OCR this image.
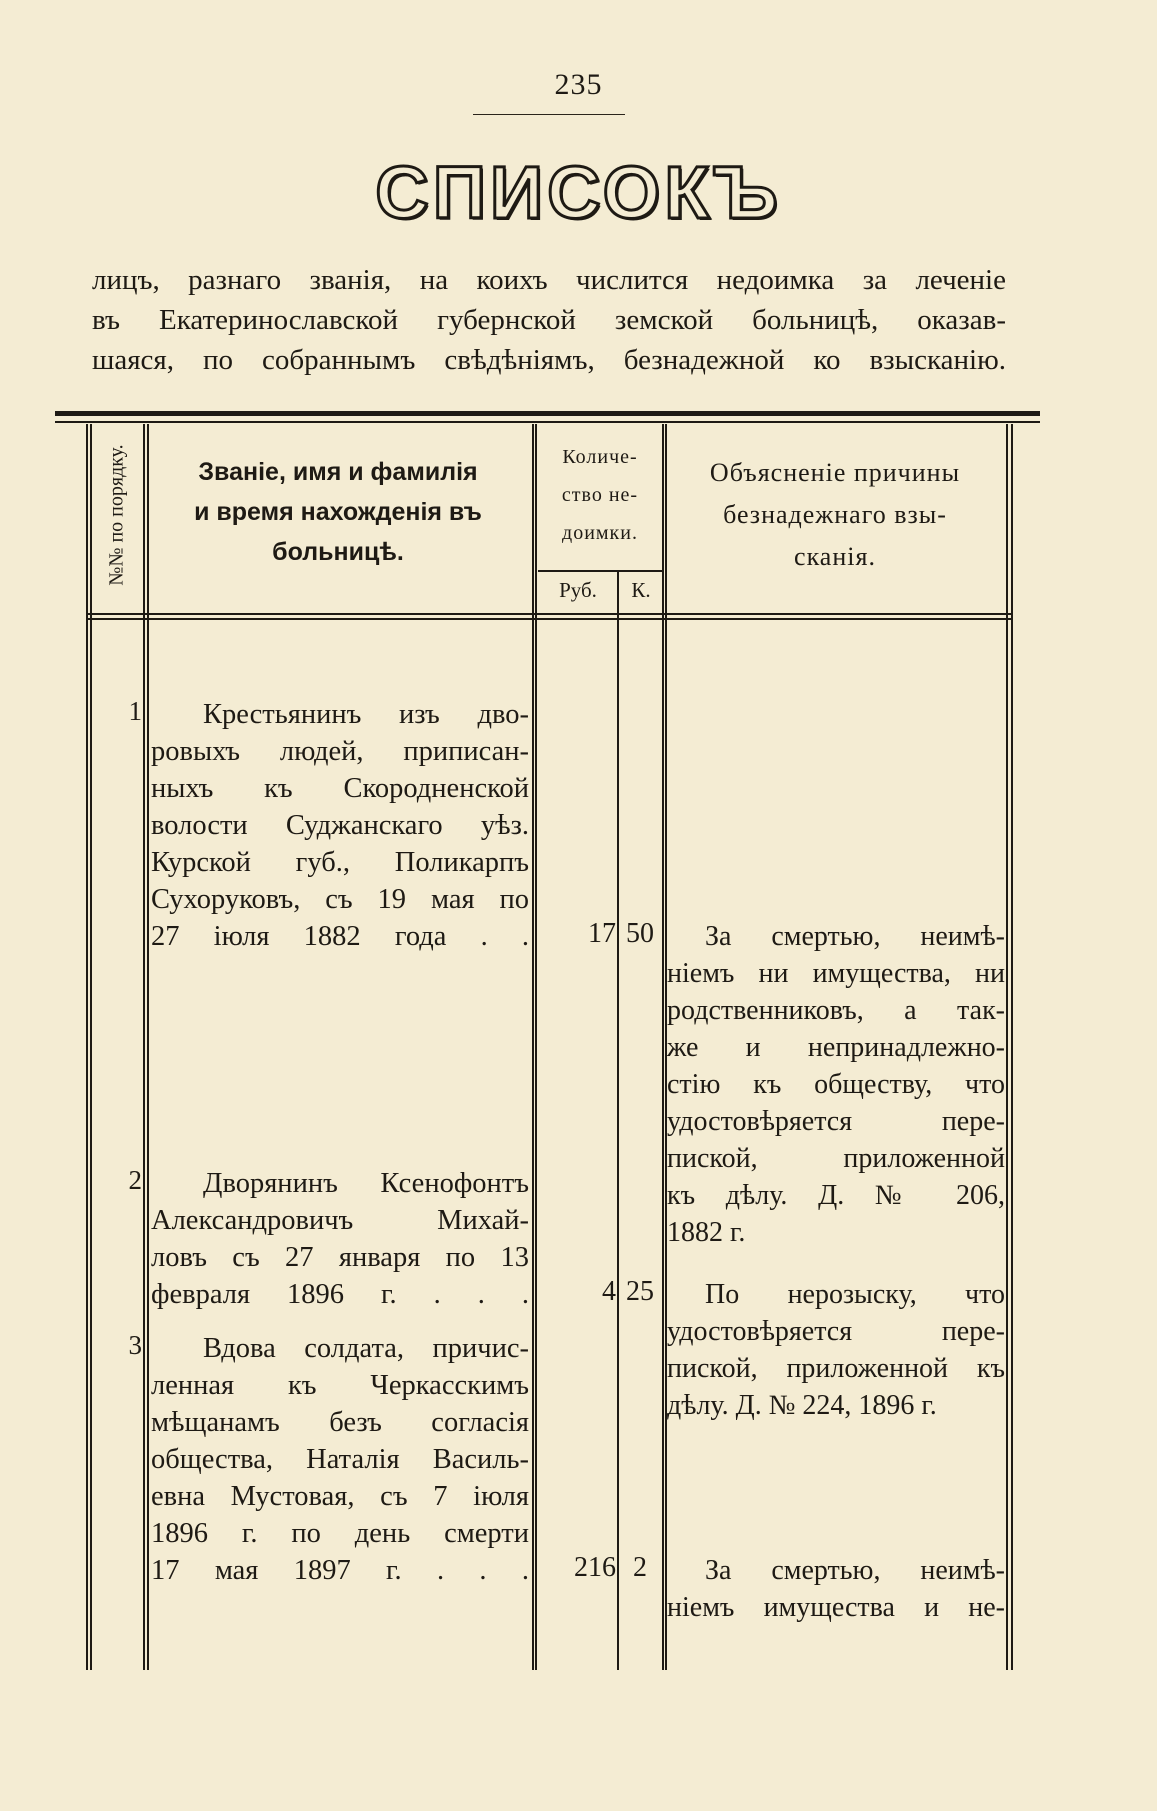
235
СПИСОКЪ
лицъ, разнаго званія, на коихъ числится недоимка за леченіе
въ Екатеринославской губернской земской больницѣ, оказав-
шаяся, по собраннымъ свѣдѣніямъ, безнадежной ко взысканію.
№№ по порядку.	Званіе, имя и фамилія
и время нахожденія въ
больницѣ.
Количе-
ство не-
доимки.
Руб.	К.
Объясненіе причины
безнадежнаго взы-
сканія.
1	Крестьянинъ изъ дво-
ровыхъ людей, приписан-
ныхъ къ Скородненской
волости Суджанскаго уѣз.
Курской губ., Поликарпъ
Сухоруковъ, съ 19 мая по
27 іюля 1882 года . .	17 50	За смертью, неимѣ-
ніемъ ни имущества, ни
родственниковъ, а так-
же и непринадлежно-
стію къ обществу, что
удостовѣряется пере-
пиской, приложенной
къ дѣлу. Д. № 206,
1882 г.
2	Дворянинъ Ксенофонтъ
Александровичъ Михай-
ловъ съ 27 января по 13
февраля 1896 г. . . .	4 25	По нерозыску, что
удостовѣряется пере-
пиской, приложенной къ
дѣлу. Д. № 224, 1896 г.
3	Вдова солдата, причис-
ленная къ Черкасскимъ
мѣщанамъ безъ согласія
общества, Наталія Василь-
евна Мустовая, съ 7 іюля
1896 г. по день смерти
17 мая 1897 г. . . .	216 2	За смертью, неимѣ-
ніемъ имущества и не-
